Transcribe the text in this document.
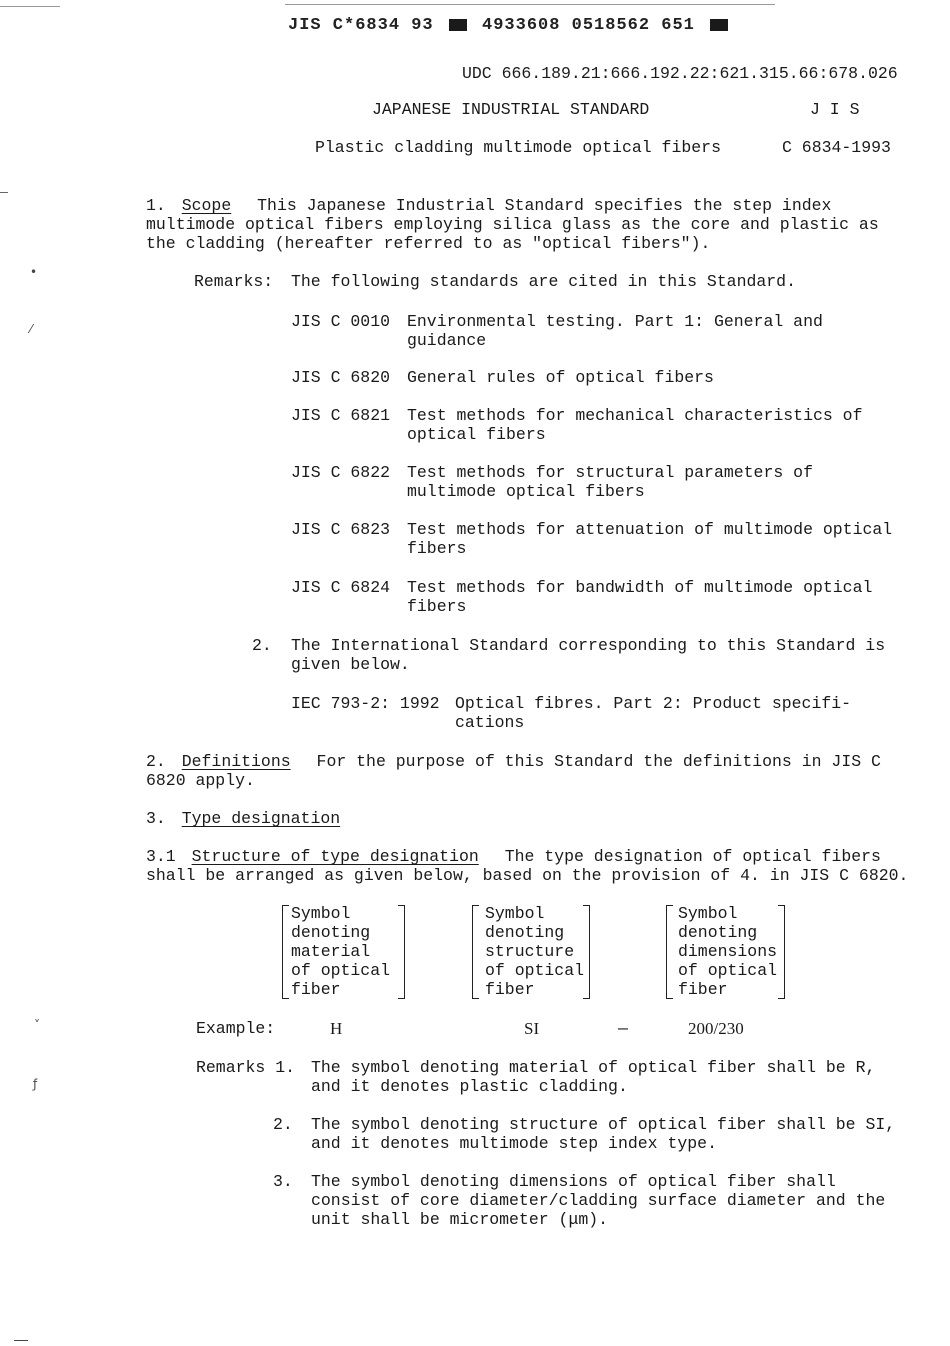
JIS C*6834 93	4933608 0518562 651
UDC 666.189.21:666.192.22:621.315.66:678.026
JAPANESE INDUSTRIAL STANDARD	J I S
Plastic cladding multimode optical fibers	C 6834-1993
1. Scope This Japanese Industrial Standard specifies the step index
multimode optical fibers employing silica glass as the core and plastic as
the cladding (hereafter referred to as "optical fibers").
Remarks: The following standards are cited in this Standard.
JIS C 0010 Environmental testing. Part 1: General and
guidance
JIS C 6820 General rules of optical fibers
JIS C 6821 Test methods for mechanical characteristics of
optical fibers
JIS C 6822 Test methods for structural parameters of
multimode optical fibers
JIS C 6823 Test methods for attenuation of multimode optical
fibers
JIS C 6824 Test methods for bandwidth of multimode optical
fibers
2. The International Standard corresponding to this Standard is
given below.
IEC 793-2: 1992 Optical fibres. Part 2: Product specifi-
cations
2. Definitions For the purpose of this Standard the definitions in JIS C
6820 apply.
3. Type designation
3.1 Structure of type designation The type designation of optical fibers
shall be arranged as given below, based on the provision of 4. in JIS C 6820.
Symbol
denoting
material
of optical
fiber
Symbol
denoting
structure
of optical
fiber
Symbol
denoting
dimensions
of optical
fiber
Example:	H	SI	—	200/230
Remarks 1. The symbol denoting material of optical fiber shall be R,
and it denotes plastic cladding.
2. The symbol denoting structure of optical fiber shall be SI,
and it denotes multimode step index type.
3. The symbol denoting dimensions of optical fiber shall
consist of core diameter/cladding surface diameter and the
unit shall be micrometer (μm).
•
⁄
˅
ƒ
